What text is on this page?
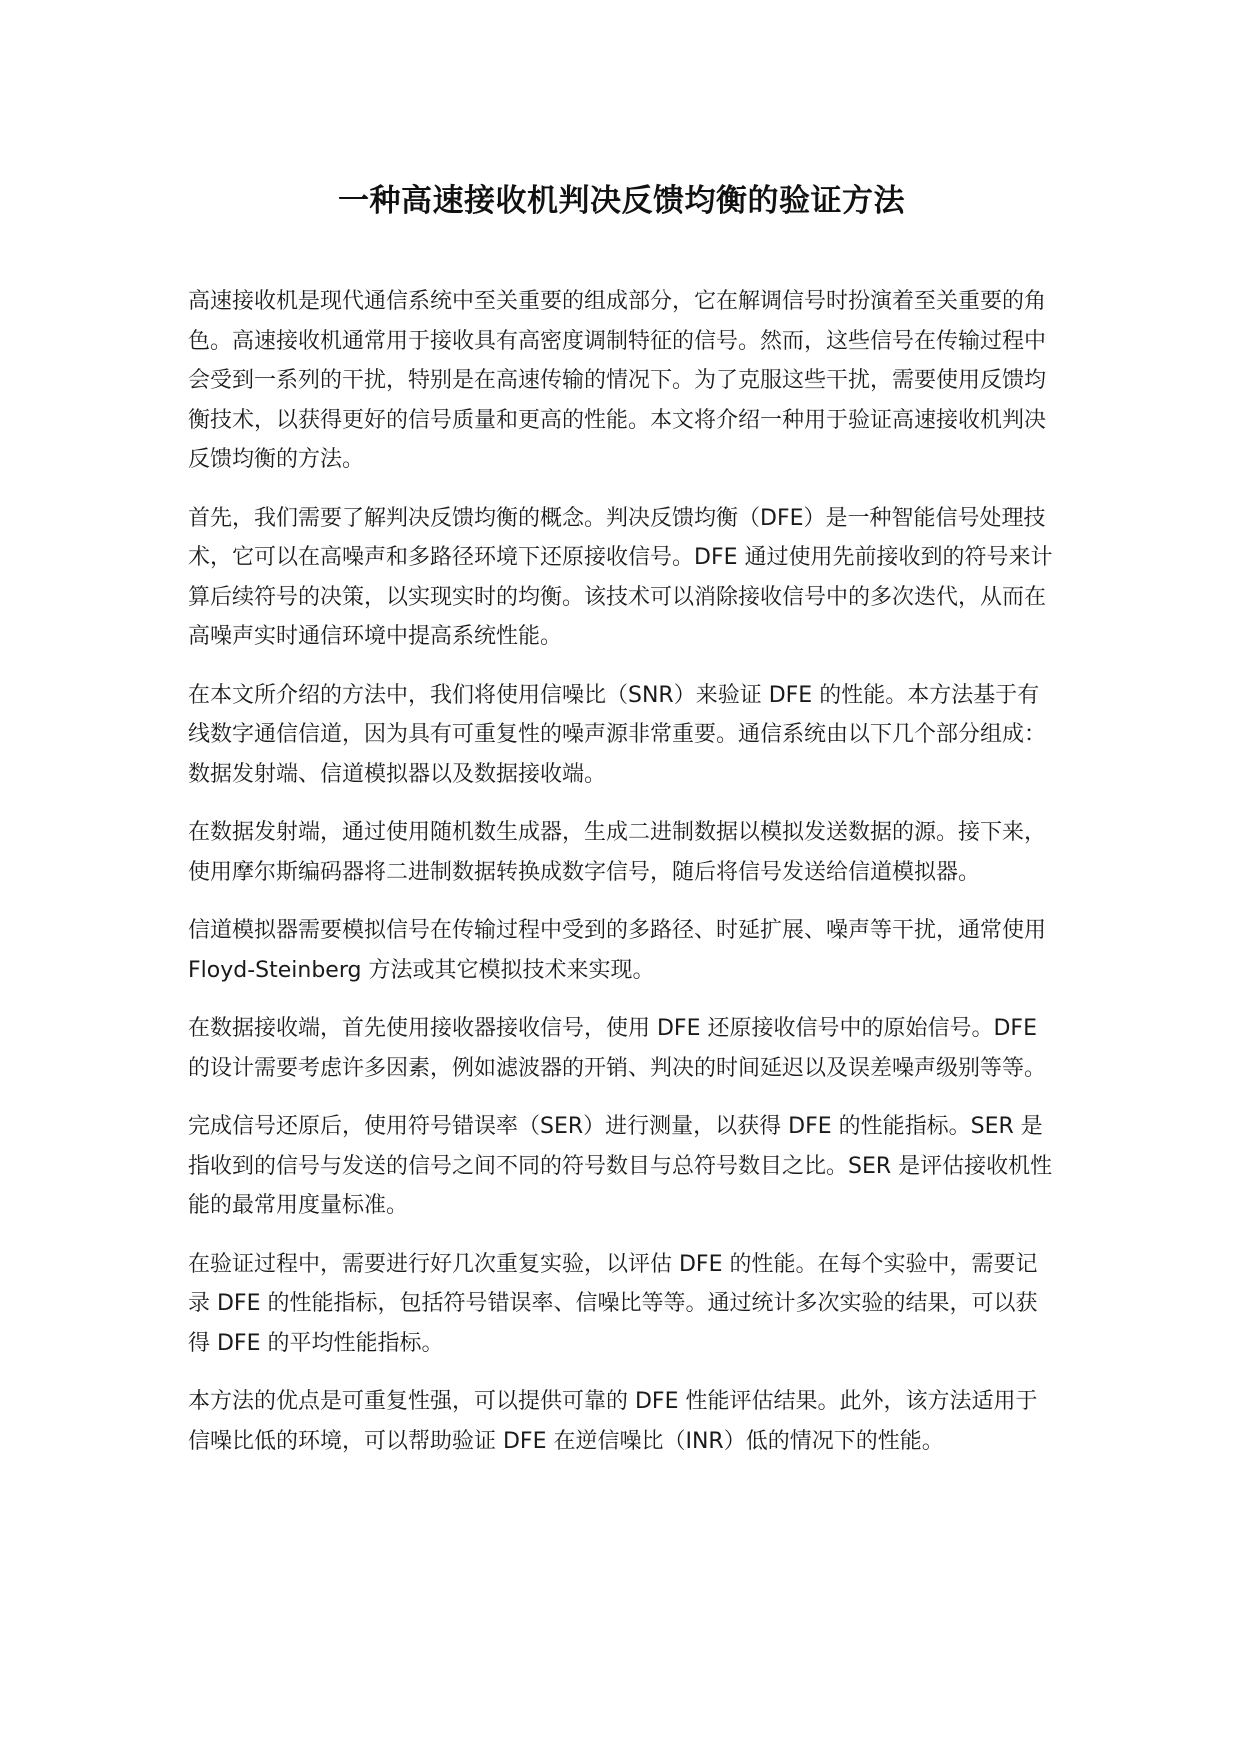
一种高速接收机判决反馈均衡的验证方法

高速接收机是现代通信系统中至关重要的组成部分，它在解调信号时扮演着至关重要的角色。高速接收机通常用于接收具有高密度调制特征的信号。然而，这些信号在传输过程中会受到一系列的干扰，特别是在高速传输的情况下。为了克服这些干扰，需要使用反馈均衡技术，以获得更好的信号质量和更高的性能。本文将介绍一种用于验证高速接收机判决反馈均衡的方法。

首先，我们需要了解判决反馈均衡的概念。判决反馈均衡（DFE）是一种智能信号处理技术，它可以在高噪声和多路径环境下还原接收信号。DFE 通过使用先前接收到的符号来计算后续符号的决策，以实现实时的均衡。该技术可以消除接收信号中的多次迭代，从而在高噪声实时通信环境中提高系统性能。

在本文所介绍的方法中，我们将使用信噪比（SNR）来验证 DFE 的性能。本方法基于有线数字通信信道，因为具有可重复性的噪声源非常重要。通信系统由以下几个部分组成：数据发射端、信道模拟器以及数据接收端。

在数据发射端，通过使用随机数生成器，生成二进制数据以模拟发送数据的源。接下来，使用摩尔斯编码器将二进制数据转换成数字信号，随后将信号发送给信道模拟器。

信道模拟器需要模拟信号在传输过程中受到的多路径、时延扩展、噪声等干扰，通常使用 Floyd-Steinberg 方法或其它模拟技术来实现。

在数据接收端，首先使用接收器接收信号，使用 DFE 还原接收信号中的原始信号。DFE 的设计需要考虑许多因素，例如滤波器的开销、判决的时间延迟以及误差噪声级别等等。

完成信号还原后，使用符号错误率（SER）进行测量，以获得 DFE 的性能指标。SER 是指收到的信号与发送的信号之间不同的符号数目与总符号数目之比。SER 是评估接收机性能的最常用度量标准。

在验证过程中，需要进行好几次重复实验，以评估 DFE 的性能。在每个实验中，需要记录 DFE 的性能指标，包括符号错误率、信噪比等等。通过统计多次实验的结果，可以获得 DFE 的平均性能指标。

本方法的优点是可重复性强，可以提供可靠的 DFE 性能评估结果。此外，该方法适用于信噪比低的环境，可以帮助验证 DFE 在逆信噪比（INR）低的情况下的性能。
